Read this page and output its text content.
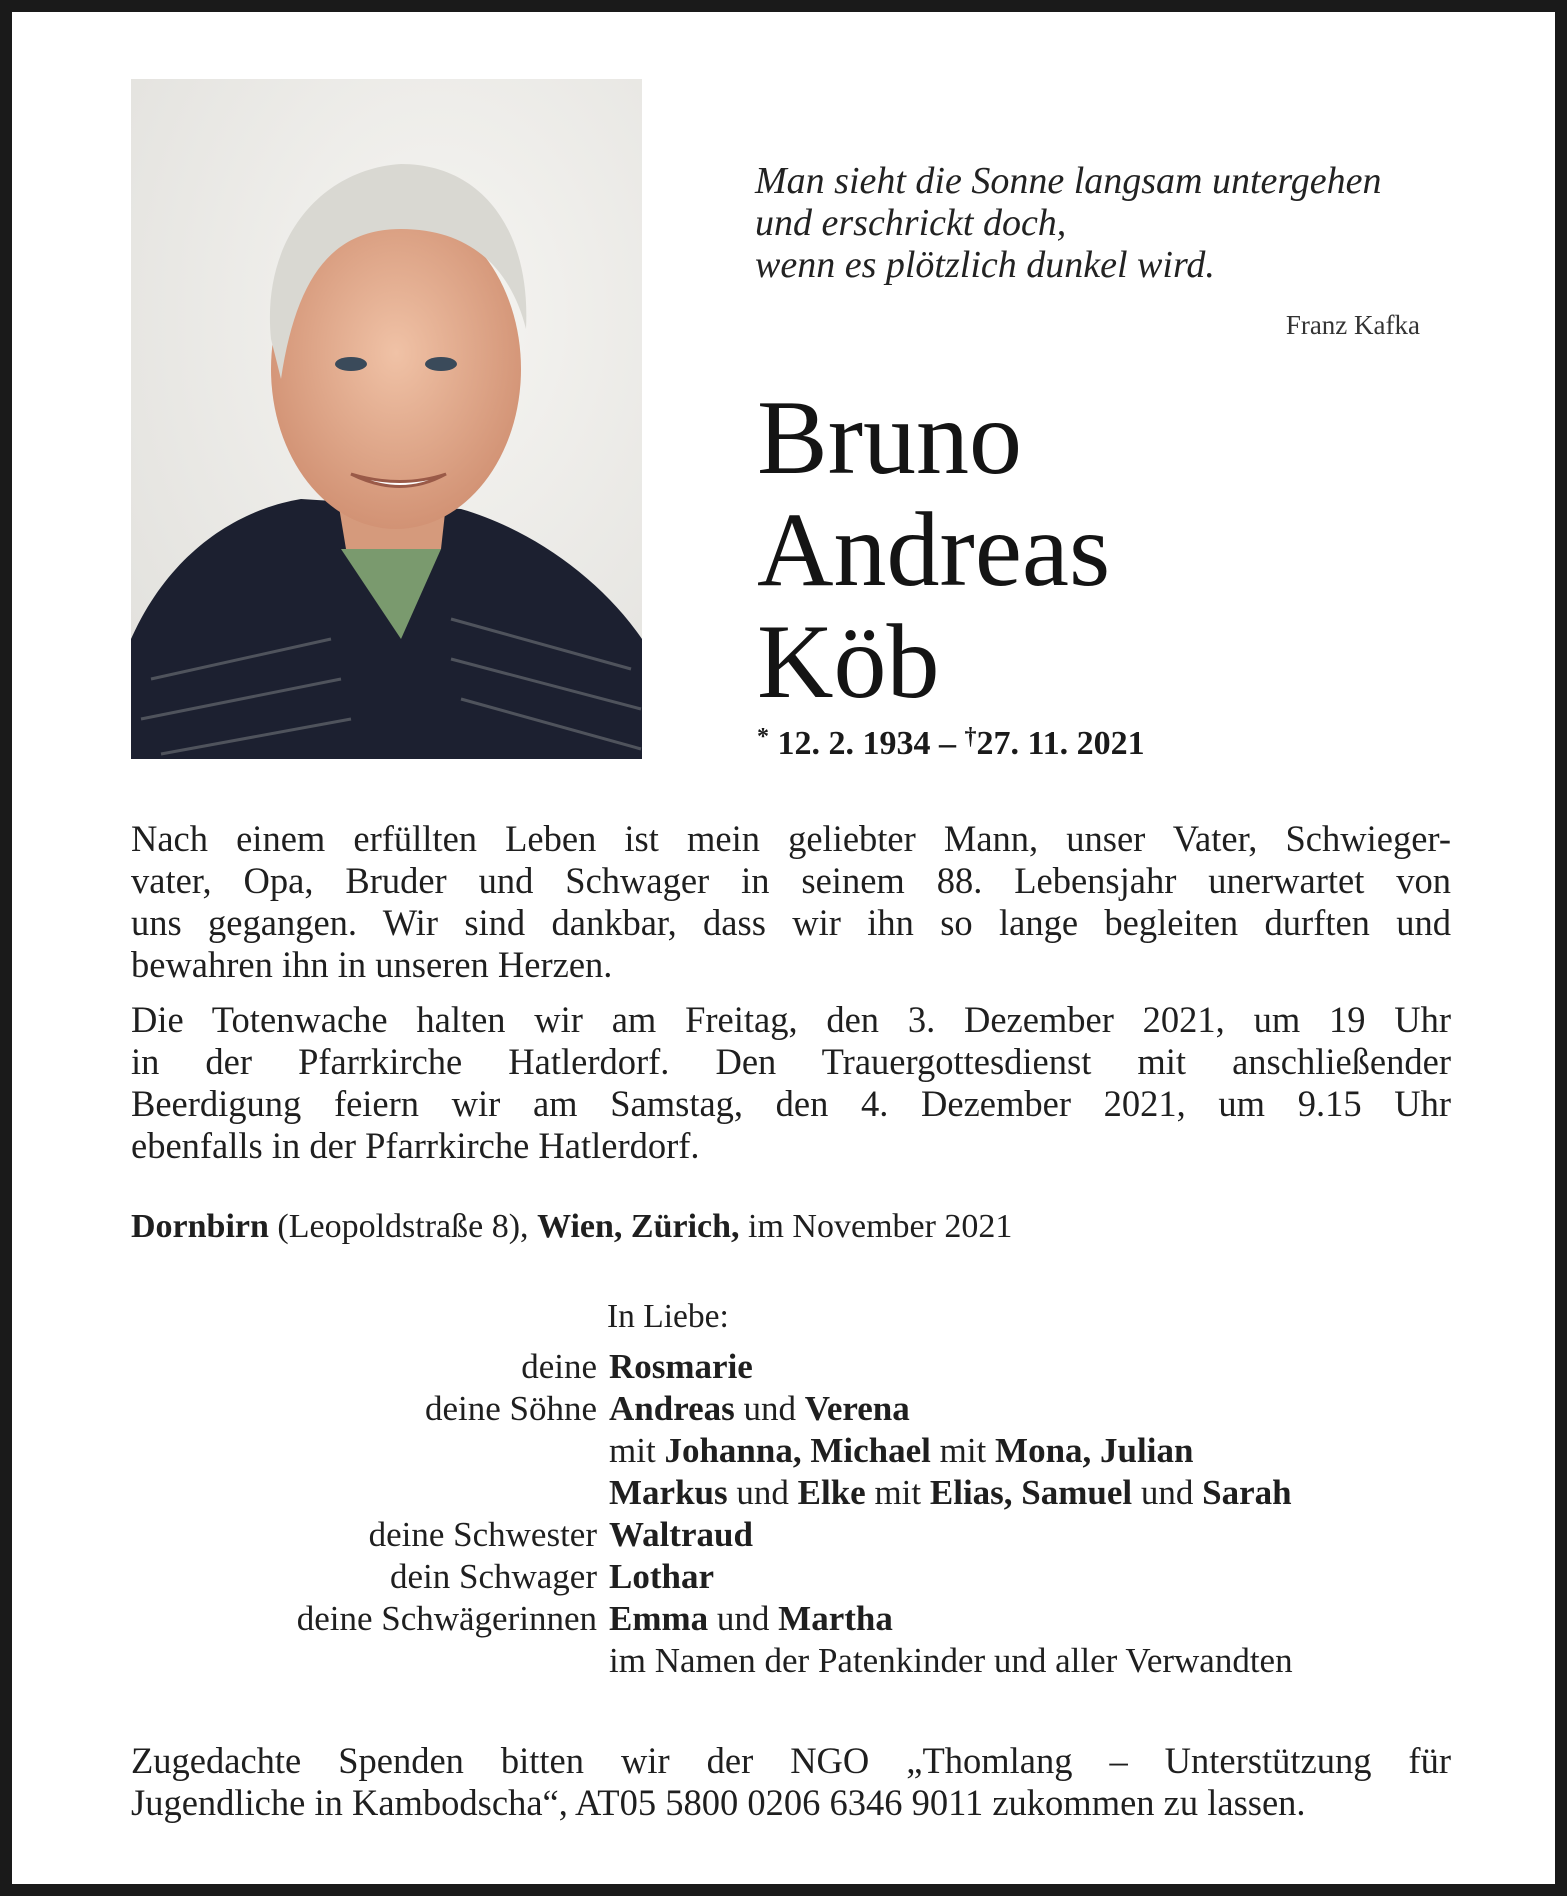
Man sieht die Sonne langsam untergehen
und erschrickt doch,
wenn es plötzlich dunkel wird.
Franz Kafka
Bruno
Andreas
Köb
* 12. 2. 1934 – †27. 11. 2021
Nach einem erfüllten Leben ist mein geliebter Mann, unser Vater, Schwieger-
vater, Opa, Bruder und Schwager in seinem 88. Lebensjahr unerwartet von
uns gegangen. Wir sind dankbar, dass wir ihn so lange begleiten durften und
bewahren ihn in unseren Herzen.
Die Totenwache halten wir am Freitag, den 3. Dezember 2021, um 19 Uhr
in der Pfarrkirche Hatlerdorf. Den Trauergottesdienst mit anschließender
Beerdigung feiern wir am Samstag, den 4. Dezember 2021, um 9.15 Uhr
ebenfalls in der Pfarrkirche Hatlerdorf.
Dornbirn (Leopoldstraße 8), Wien, Zürich, im November 2021
In Liebe:
deine Rosmarie
deine Söhne Andreas und Verena
mit Johanna, Michael mit Mona, Julian
Markus und Elke mit Elias, Samuel und Sarah
deine Schwester Waltraud
dein Schwager Lothar
deine Schwägerinnen Emma und Martha
im Namen der Patenkinder und aller Verwandten
Zugedachte Spenden bitten wir der NGO „Thomlang – Unterstützung für
Jugendliche in Kambodscha“, AT05 5800 0206 6346 9011 zukommen zu lassen.
